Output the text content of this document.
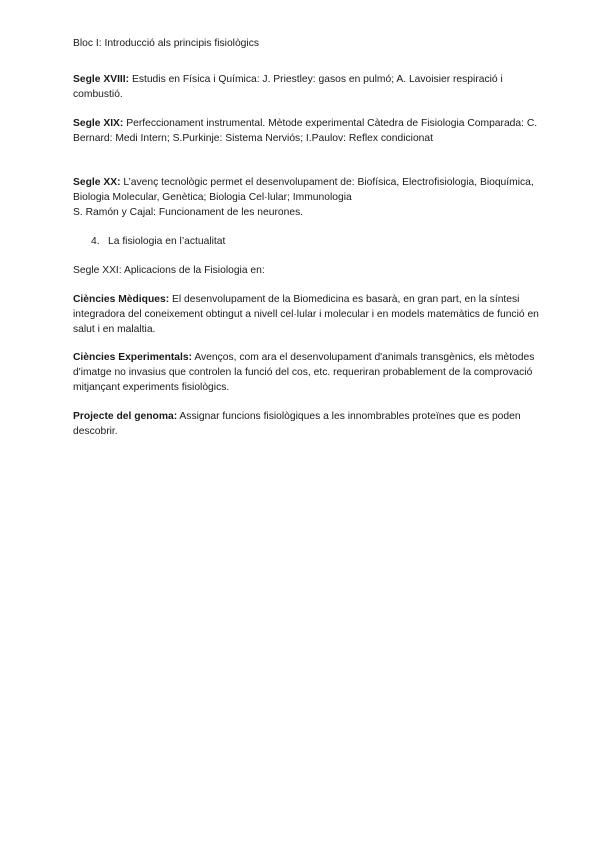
Bloc I: Introducció als principis fisiològics

Segle XVIII: Estudis en Física i Química: J. Priestley: gasos en pulmó; A. Lavoisier respiració i combustió.

Segle XIX: Perfeccionament instrumental. Mètode experimental Càtedra de Fisiologia Comparada: C. Bernard: Medi Intern; S.Purkinje: Sistema Nerviós; I.Paulov: Reflex condicionat

Segle XX: L’avenç tecnològic permet el desenvolupament de: Biofísica, Electrofisiologia, Bioquímica, Biologia Molecular, Genètica; Biologia Cel·lular; Immunologia
S. Ramón y Cajal: Funcionament de les neurones.

4. La fisiologia en l’actualitat

Segle XXI: Aplicacions de la Fisiologia en:

Ciències Mèdiques: El desenvolupament de la Biomedicina es basarà, en gran part, en la síntesi integradora del coneixement obtingut a nivell cel·lular i molecular i en models matemàtics de funció en salut i en malaltia.

Ciències Experimentals: Avenços, com ara el desenvolupament d'animals transgènics, els mètodes d'imatge no invasius que controlen la funció del cos, etc. requeriran probablement de la comprovació mitjançant experiments fisiològics.

Projecte del genoma: Assignar funcions fisiològiques a les innombrables proteïnes que es poden descobrir.
